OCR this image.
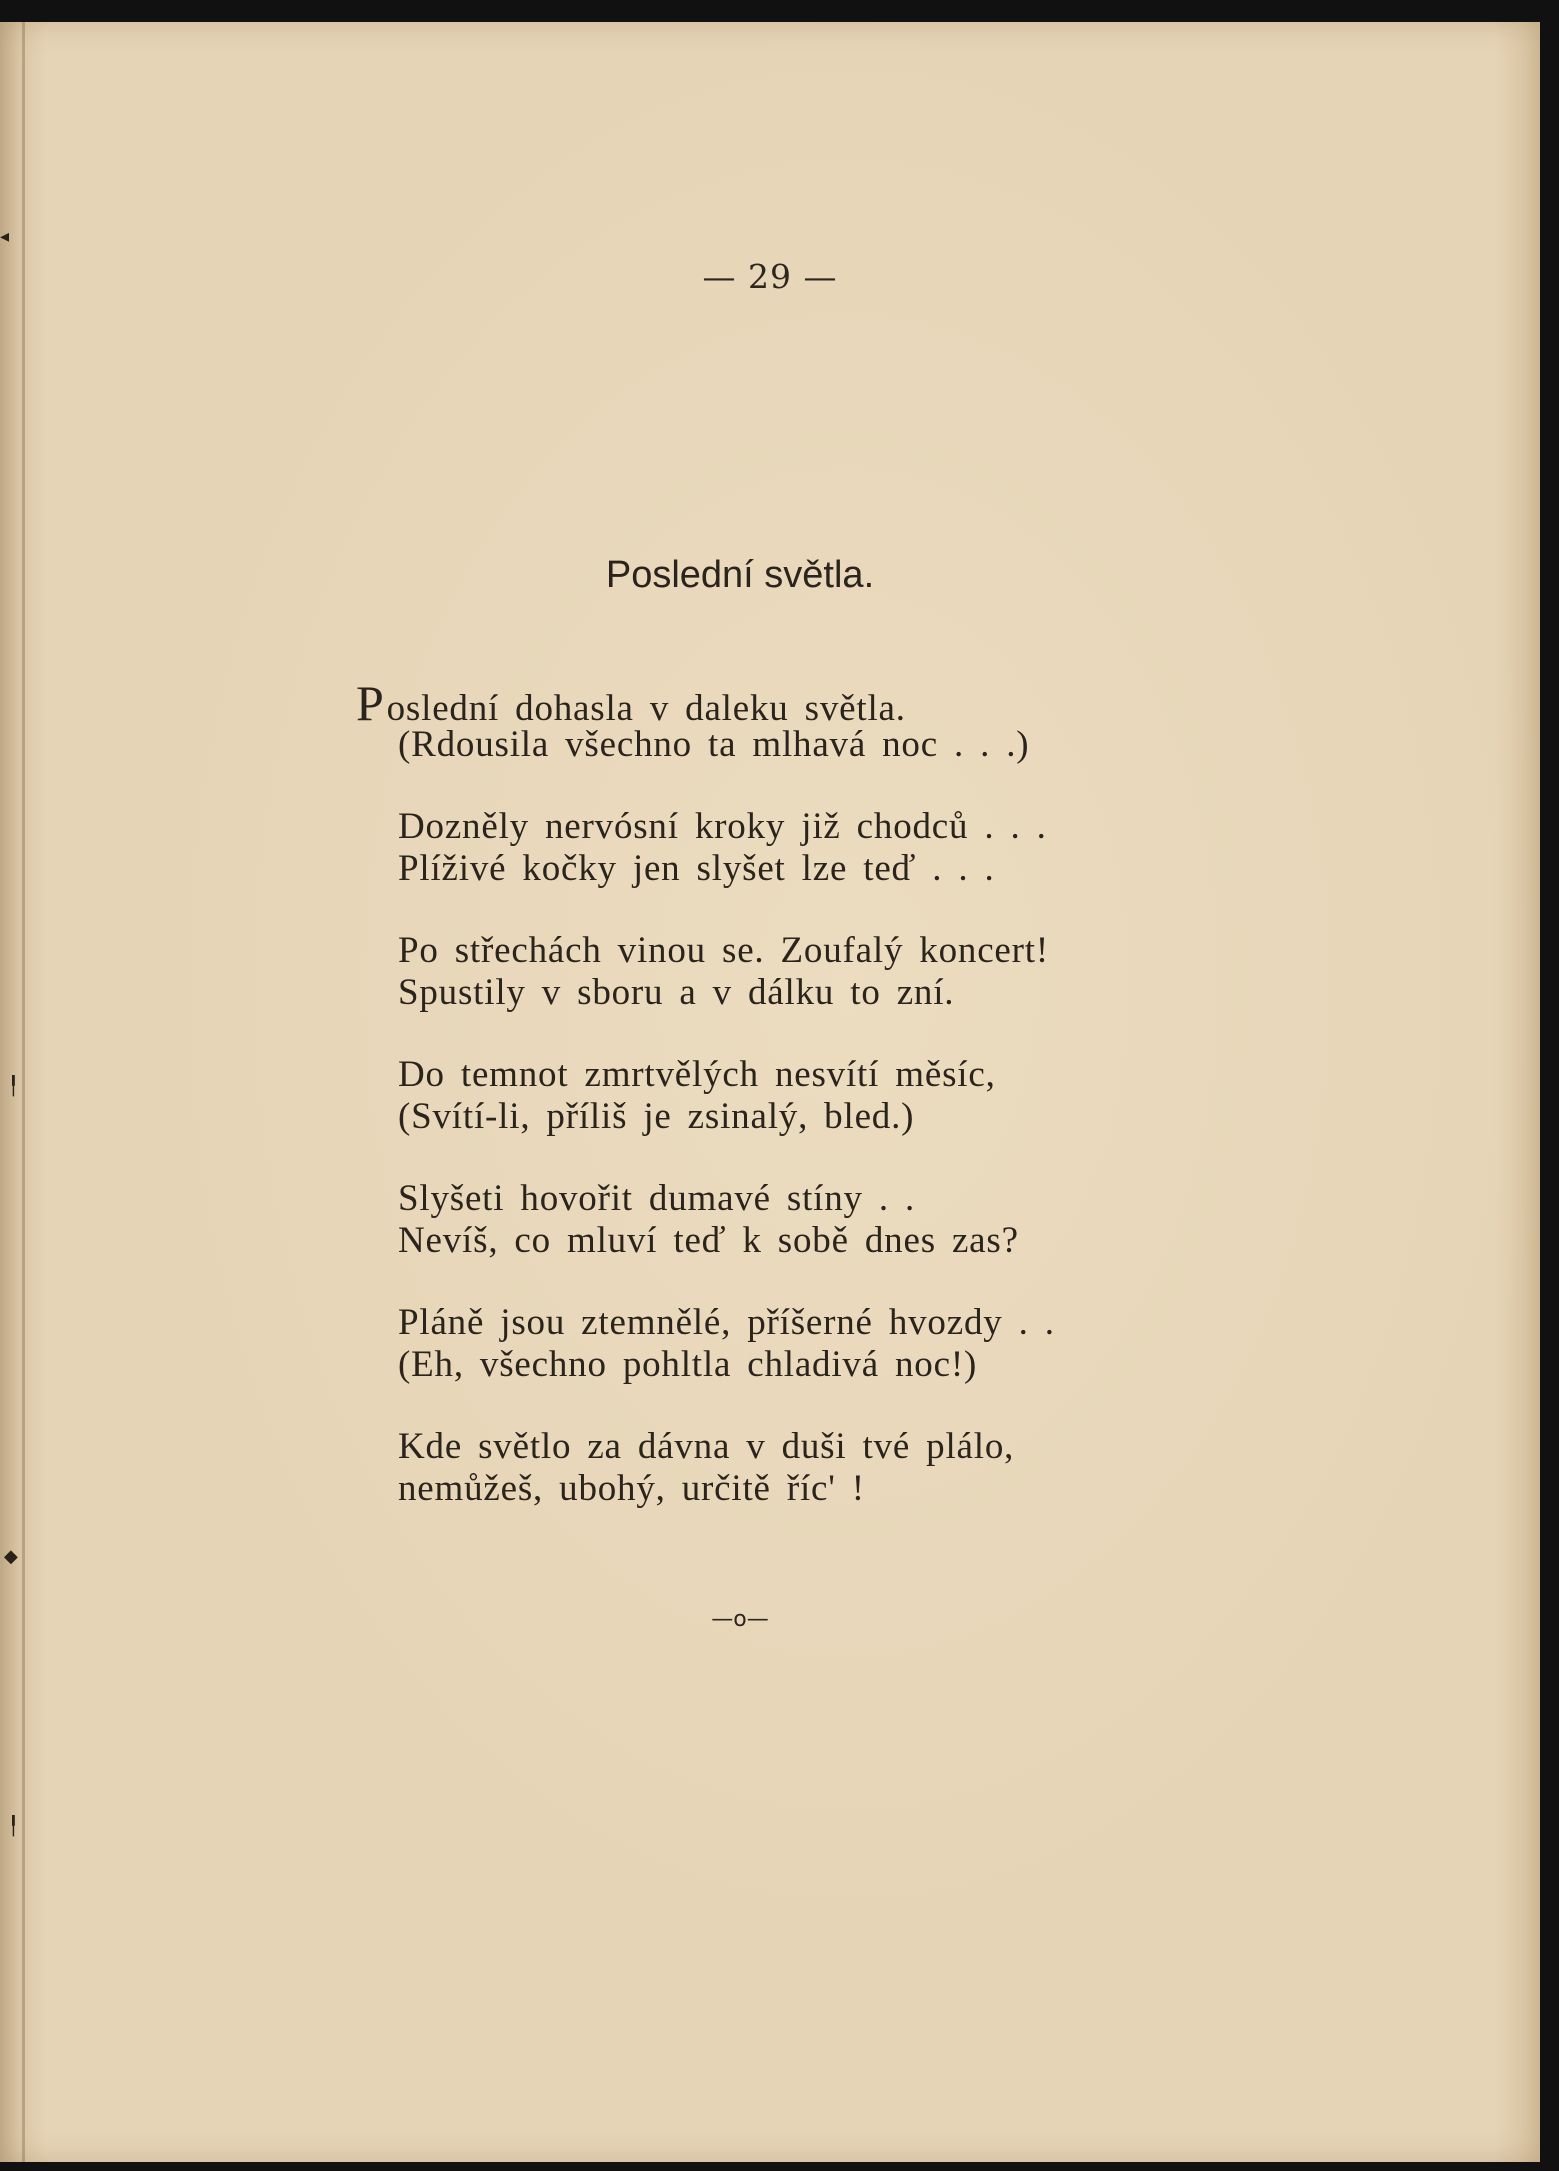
◂
╿
◆
╿
— 29 —
Poslední světla.
Poslední dohasla v daleku světla.
(Rdousila všechno ta mlhavá noc . . .)
Dozněly nervósní kroky již chodců . . .
Plíživé kočky jen slyšet lze teď . . .
Po střechách vinou se. Zoufalý koncert!
Spustily v sboru a v dálku to zní.
Do temnot zmrtvělých nesvítí měsíc,
(Svítí-li, příliš je zsinalý, bled.)
Slyšeti hovořit dumavé stíny . .
Nevíš, co mluví teď k sobě dnes zas?
Pláně jsou ztemnělé, příšerné hvozdy . .
(Eh, všechno pohltla chladivá noc!)
Kde světlo za dávna v duši tvé plálo,
nemůžeš, ubohý, určitě říc' !
—o—
